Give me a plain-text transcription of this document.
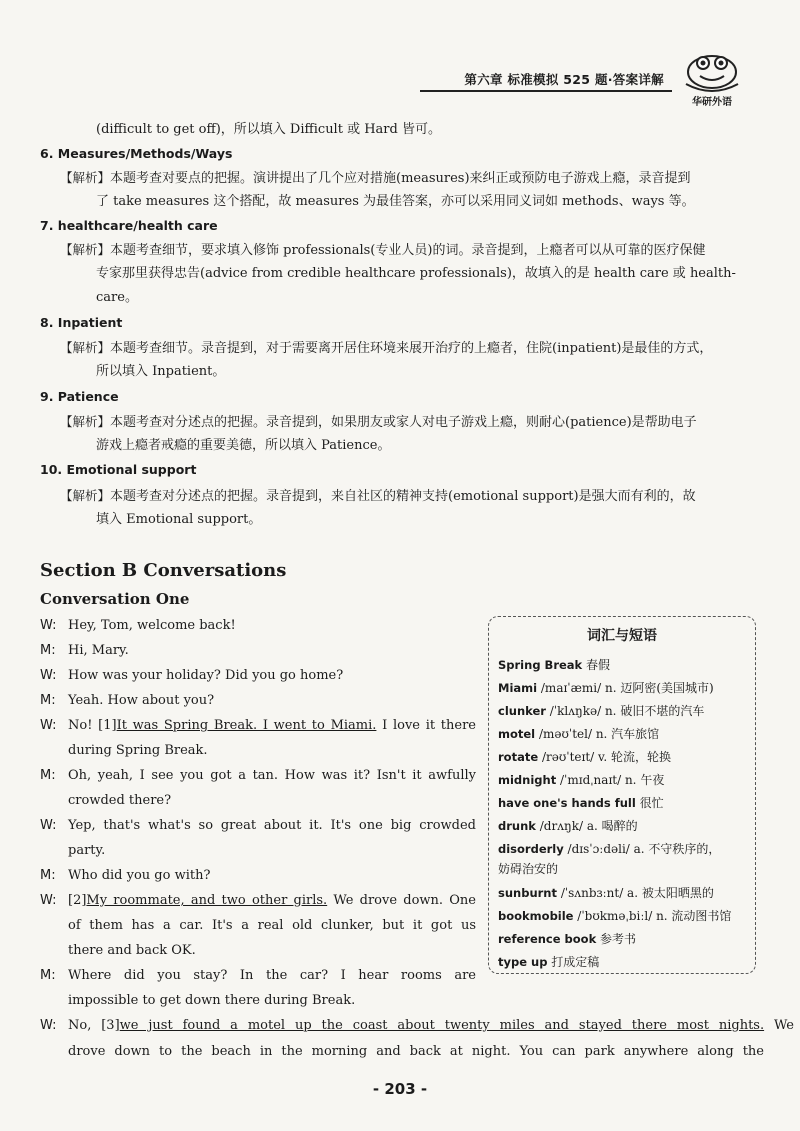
第六章 标准模拟 525 题·答案详解
华研外语
(difficult to get off)，所以填入 Difficult 或 Hard 皆可。
6. Measures/Methods/Ways
【解析】本题考查对要点的把握。演讲提出了几个应对措施(measures)来纠正或预防电子游戏上瘾，录音提到
了 take measures 这个搭配，故 measures 为最佳答案，亦可以采用同义词如 methods、ways 等。
7. healthcare/health care
【解析】本题考查细节，要求填入修饰 professionals(专业人员)的词。录音提到，上瘾者可以从可靠的医疗保健
专家那里获得忠告(advice from credible healthcare professionals)，故填入的是 health care 或 health-
care。
8. Inpatient
【解析】本题考查细节。录音提到，对于需要离开居住环境来展开治疗的上瘾者，住院(inpatient)是最佳的方式，
所以填入 Inpatient。
9. Patience
【解析】本题考查对分述点的把握。录音提到，如果朋友或家人对电子游戏上瘾，则耐心(patience)是帮助电子
游戏上瘾者戒瘾的重要美德，所以填入 Patience。
10. Emotional support
【解析】本题考查对分述点的把握。录音提到，来自社区的精神支持(emotional support)是强大而有利的，故
填入 Emotional support。
Section B Conversations
Conversation One
W: Hey, Tom, welcome back!
M: Hi, Mary.
W: How was your holiday? Did you go home?
M: Yeah. How about you?
W: No! [1]It was Spring Break. I went to Miami. I love it there
during Spring Break.
M: Oh, yeah, I see you got a tan. How was it? Isn't it awfully
crowded there?
W: Yep, that's what's so great about it. It's one big crowded
party.
M: Who did you go with?
W: [2]My roommate, and two other girls. We drove down. One
of them has a car. It's a real old clunker, but it got us
there and back OK.
M: Where did you stay? In the car? I hear rooms are
impossible to get down there during Break.
W: No, [3]we just found a motel up the coast about twenty miles and stayed there most nights. We
drove down to the beach in the morning and back at night. You can park anywhere along the
词汇与短语
Spring Break 春假
Miami /maɪˈæmi/ n. 迈阿密(美国城市)
clunker /ˈklʌŋkə/ n. 破旧不堪的汽车
motel /məʊˈtel/ n. 汽车旅馆
rotate /rəʊˈteɪt/ v. 轮流，轮换
midnight /ˈmɪdˌnaɪt/ n. 午夜
have one's hands full 很忙
drunk /drʌŋk/ a. 喝醉的
disorderly /dɪsˈɔːdəli/ a. 不守秩序的，
妨碍治安的
sunburnt /ˈsʌnbɜːnt/ a. 被太阳晒黑的
bookmobile /ˈbʊkməˌbiːl/ n. 流动图书馆
reference book 参考书
type up 打成定稿
- 203 -
